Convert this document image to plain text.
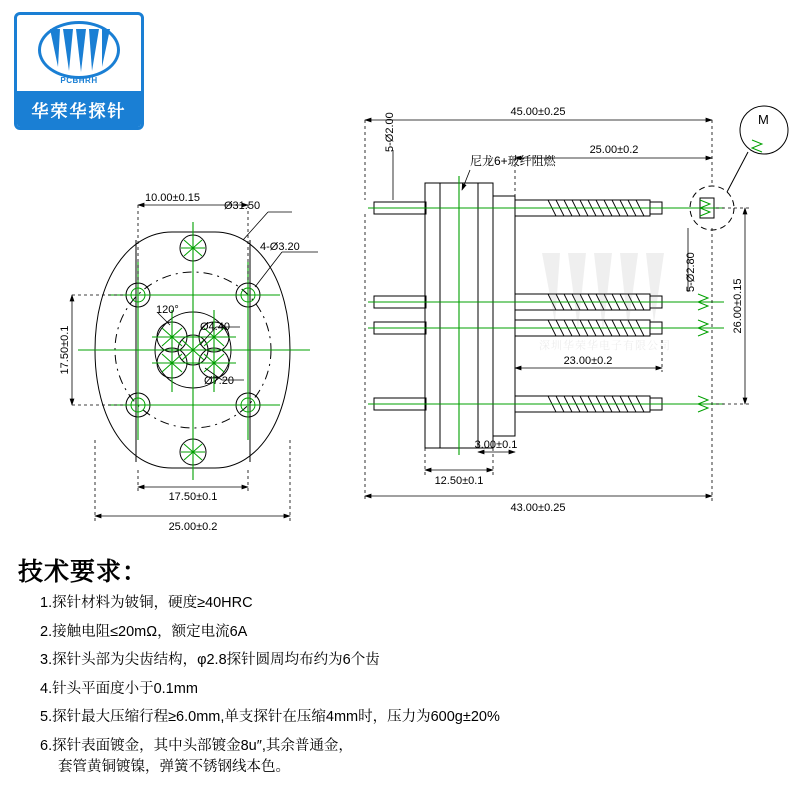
PCBHRH
华荣华探针
10.00±0.15
Ø31.50
4-Ø3.20
17.50±0.1
120°
Ø4.40
Ø7.20
17.50±0.1
25.00±0.2
45.00±0.25
5-Ø2.00	25.00±0.2
5-Ø2.80
26.00±0.15
23.00±0.2
3.00±0.1
12.50±0.1
43.00±0.25
尼龙6+玻纤阻燃
M
深圳华荣华电子有限公司
技术要求：
1.探针材料为铍铜，硬度≥40HRC
2.接触电阻≤20mΩ，额定电流6A
3.探针头部为尖齿结构，φ2.8探针圆周均布约为6个齿
4.针头平面度小于0.1mm
5.探针最大压缩行程≥6.0mm,单支探针在压缩4mm时，压力为600g±20%
6.探针表面镀金，其中头部镀金8u″,其余普通金，
套管黄铜镀镍，弹簧不锈钢线本色。
